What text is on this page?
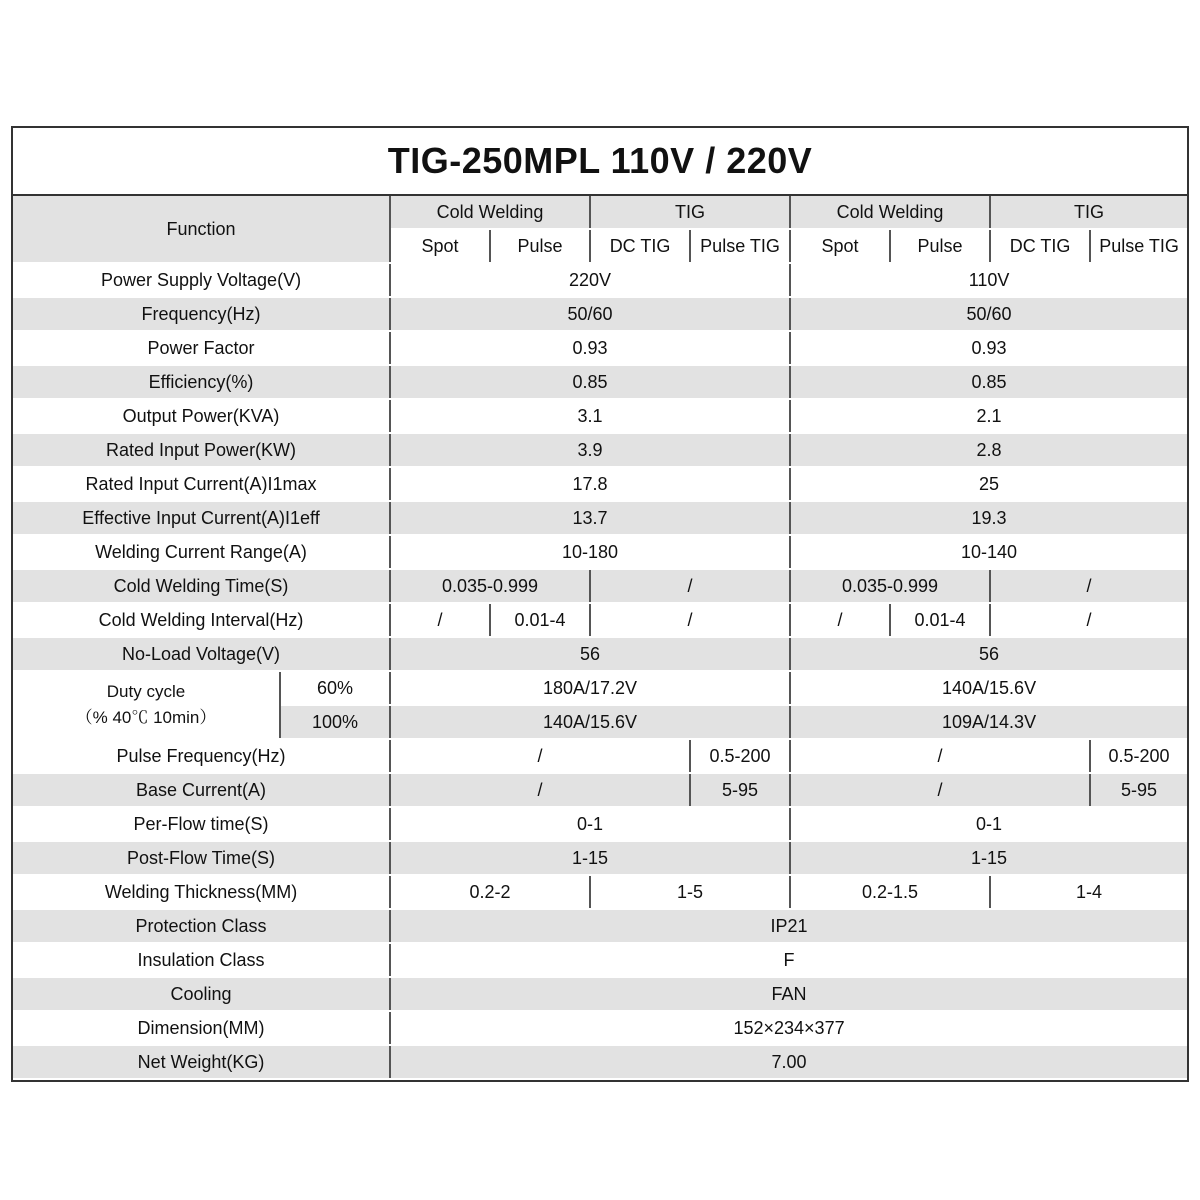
TIG-250MPL 110V / 220V
Function		Cold Welding		TIG		Cold Welding		TIG	
		Spot	Pulse	DC TIG	Pulse TIG	Spot	Pulse	DC TIG	Pulse TIG
Power Supply Voltage(V)		220V				110V			
Frequency(Hz)		50/60				50/60			
Power Factor		0.93				0.93			
Efficiency(%)		0.85				0.85			
Output Power(KVA)		3.1				2.1			
Rated Input Power(KW)		3.9				2.8			
Rated Input Current(A)I1max		17.8				25			
Effective Input Current(A)I1eff		13.7				19.3			
Welding Current Range(A)		10-180				10-140			
Cold Welding Time(S)		0.035-0.999		/		0.035-0.999		/	
Cold Welding Interval(Hz)		/	0.01-4	/		/	0.01-4	/	
No-Load Voltage(V)		56				56			

Duty cycle
（% 40℃ 10min）	60%	180A/17.2V				140A/15.6V			
	100%	140A/15.6V				109A/14.3V			
Pulse Frequency(Hz)		/			0.5-200	/			0.5-200
Base Current(A)		/			5-95	/			5-95
Per-Flow time(S)		0-1				0-1			
Post-Flow Time(S)		1-15				1-15			
Welding Thickness(MM)		0.2-2		1-5		0.2-1.5		1-4	
Protection Class		IP21							
Insulation Class		F							
Cooling		FAN							
Dimension(MM)		152×234×377							
Net Weight(KG)		7.00							
